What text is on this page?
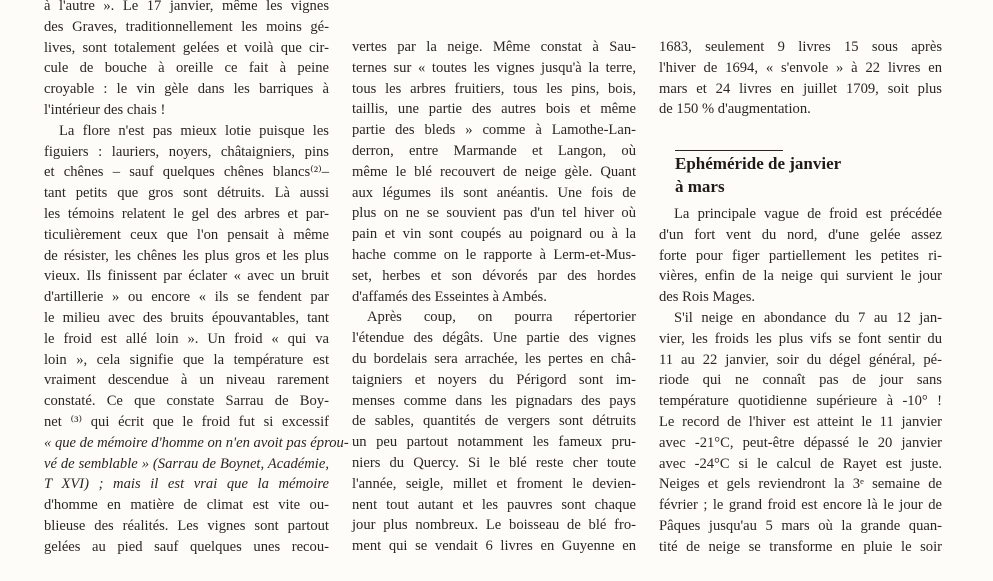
à l'autre ». Le 17 janvier, même les vignes
des Graves, traditionnellement les moins gé-
lives, sont totalement gelées et voilà que cir-
cule de bouche à oreille ce fait à peine
croyable : le vin gèle dans les barriques à
l'intérieur des chais !
La flore n'est pas mieux lotie puisque les
figuiers : lauriers, noyers, châtaigniers, pins
et chênes – sauf quelques chênes blancs⁽²⁾–
tant petits que gros sont détruits. Là aussi
les témoins relatent le gel des arbres et par-
ticulièrement ceux que l'on pensait à même
de résister, les chênes les plus gros et les plus
vieux. Ils finissent par éclater « avec un bruit
d'artillerie » ou encore « ils se fendent par
le milieu avec des bruits épouvantables, tant
le froid est allé loin ». Un froid « qui va
loin », cela signifie que la température est
vraiment descendue à un niveau rarement
constaté. Ce que constate Sarrau de Boy-
net ⁽³⁾ qui écrit que le froid fut si excessif
« que de mémoire d'homme on n'en avoit pas éprou-
vé de semblable » (Sarrau de Boynet, Académie,
T XVI) ; mais il est vrai que la mémoire
d'homme en matière de climat est vite ou-
blieuse des réalités. Les vignes sont partout
gelées au pied sauf quelques unes recou-
vertes par la neige. Même constat à Sau-
ternes sur « toutes les vignes jusqu'à la terre,
tous les arbres fruitiers, tous les pins, bois,
taillis, une partie des autres bois et même
partie des bleds » comme à Lamothe-Lan-
derron, entre Marmande et Langon, où
même le blé recouvert de neige gèle. Quant
aux légumes ils sont anéantis. Une fois de
plus on ne se souvient pas d'un tel hiver où
pain et vin sont coupés au poignard ou à la
hache comme on le rapporte à Lerm-et-Mus-
set, herbes et son dévorés par des hordes
d'affamés des Esseintes à Ambés.
Après coup, on pourra répertorier
l'étendue des dégâts. Une partie des vignes
du bordelais sera arrachée, les pertes en châ-
taigniers et noyers du Périgord sont im-
menses comme dans les pignadars des pays
de sables, quantités de vergers sont détruits
un peu partout notamment les fameux pru-
niers du Quercy. Si le blé reste cher toute
l'année, seigle, millet et froment le devien-
nent tout autant et les pauvres sont chaque
jour plus nombreux. Le boisseau de blé fro-
ment qui se vendait 6 livres en Guyenne en
1683, seulement 9 livres 15 sous après
l'hiver de 1694, « s'envole » à 22 livres en
mars et 24 livres en juillet 1709, soit plus
de 150 % d'augmentation.
Ephéméride de janvier
à mars
La principale vague de froid est précédée
d'un fort vent du nord, d'une gelée assez
forte pour figer partiellement les petites ri-
vières, enfin de la neige qui survient le jour
des Rois Mages.
S'il neige en abondance du 7 au 12 jan-
vier, les froids les plus vifs se font sentir du
11 au 22 janvier, soir du dégel général, pé-
riode qui ne connaît pas de jour sans
température quotidienne supérieure à -10° !
Le record de l'hiver est atteint le 11 janvier
avec -21°C, peut-être dépassé le 20 janvier
avec -24°C si le calcul de Rayet est juste.
Neiges et gels reviendront la 3ᵉ semaine de
février ; le grand froid est encore là le jour de
Pâques jusqu'au 5 mars où la grande quan-
tité de neige se transforme en pluie le soir
